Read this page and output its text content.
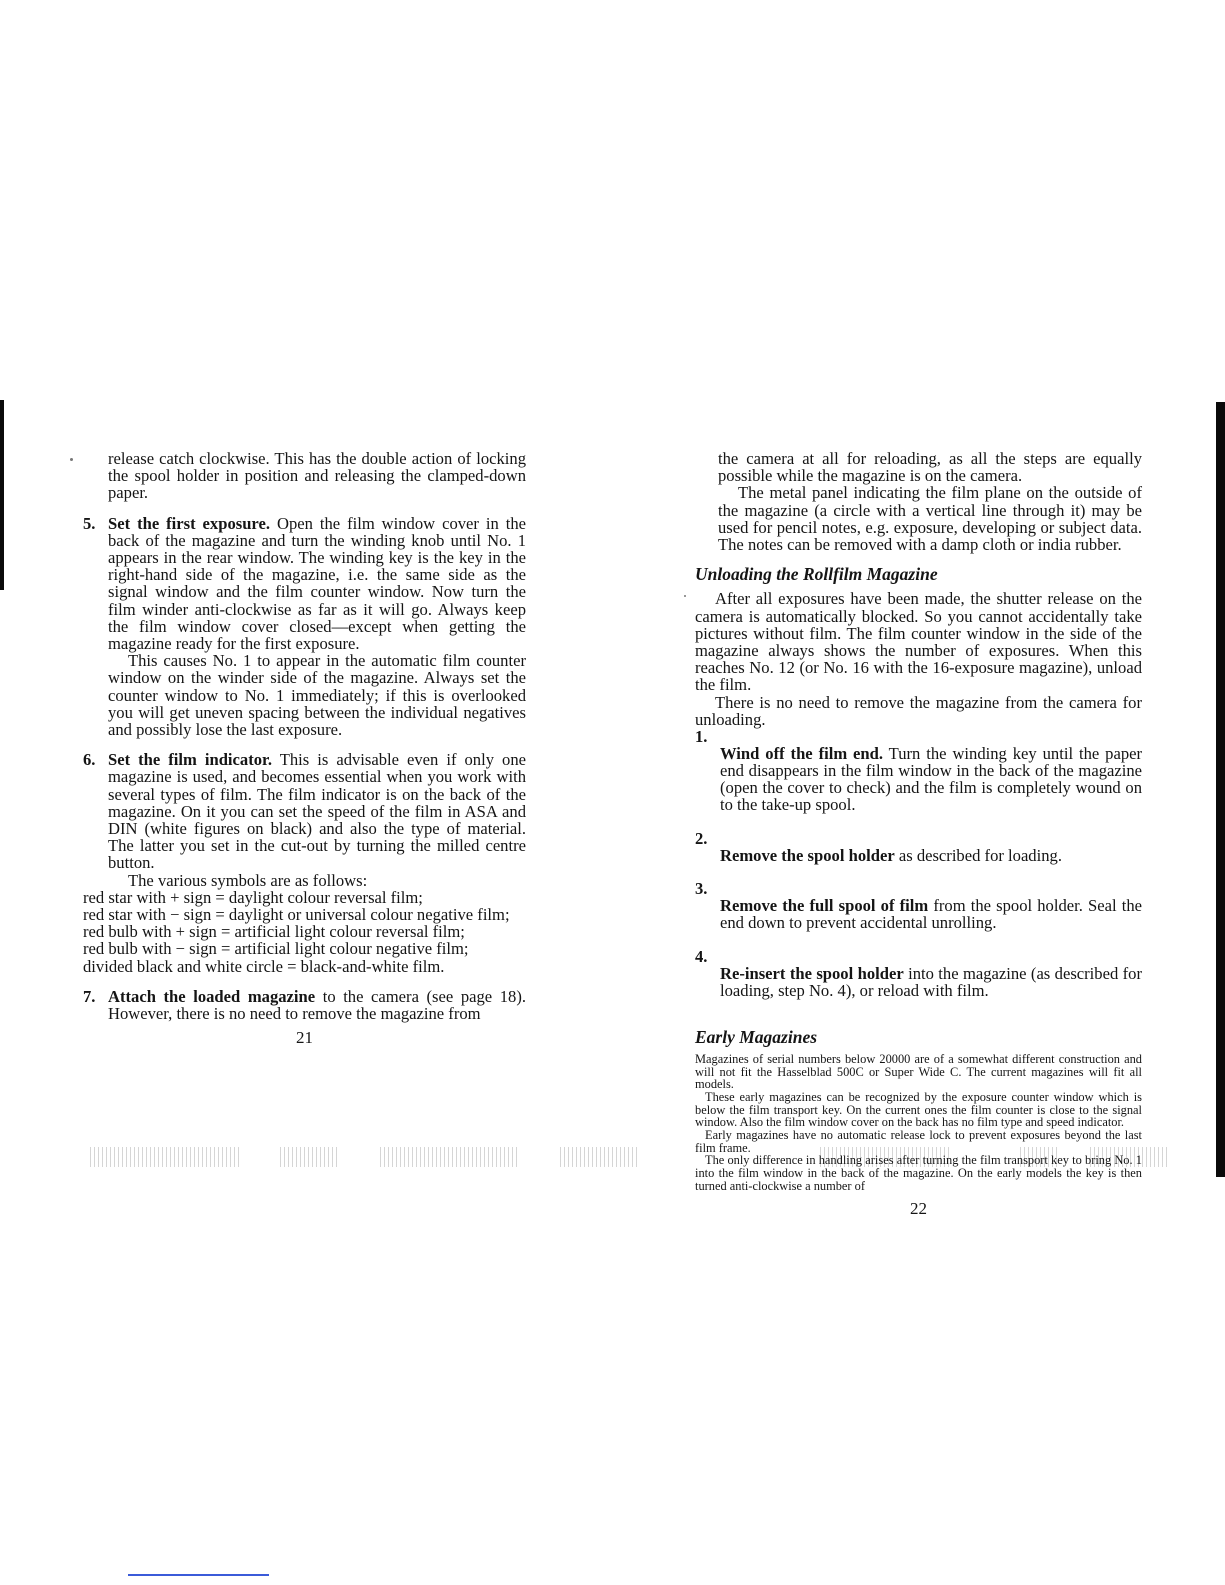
release catch clockwise. This has the double action of locking the spool holder in position and releasing the clamped-down paper.

5. Set the first exposure. Open the film window cover in the back of the magazine and turn the winding knob until No. 1 appears in the rear window. The winding key is the key in the right-hand side of the magazine, i.e. the same side as the signal window and the film counter window. Now turn the film winder anti-clockwise as far as it will go. Always keep the film window cover closed—except when getting the magazine ready for the first exposure.

This causes No. 1 to appear in the automatic film counter window on the winder side of the magazine. Always set the counter window to No. 1 immediately; if this is overlooked you will get uneven spacing between the individual negatives and possibly lose the last exposure.

6. Set the film indicator. This is advisable even if only one magazine is used, and becomes essential when you work with several types of film. The film indicator is on the back of the magazine. On it you can set the speed of the film in ASA and DIN (white figures on black) and also the type of material. The latter you set in the cut-out by turning the milled centre button.

The various symbols are as follows:

red star with + sign = daylight colour reversal film;

red star with − sign = daylight or universal colour negative film;

red bulb with + sign = artificial light colour reversal film;

red bulb with − sign = artificial light colour negative film;

divided black and white circle = black-and-white film.

7. Attach the loaded magazine to the camera (see page 18). However, there is no need to remove the magazine from

21

the camera at all for reloading, as all the steps are equally possible while the magazine is on the camera.

The metal panel indicating the film plane on the outside of the magazine (a circle with a vertical line through it) may be used for pencil notes, e.g. exposure, developing or subject data. The notes can be removed with a damp cloth or india rubber.

Unloading the Rollfilm Magazine

After all exposures have been made, the shutter release on the camera is automatically blocked. So you cannot accidentally take pictures without film. The film counter window in the side of the magazine always shows the number of exposures. When this reaches No. 12 (or No. 16 with the 16-exposure magazine), unload the film.

There is no need to remove the magazine from the camera for unloading.

1.

Wind off the film end. Turn the winding key until the paper end disappears in the film window in the back of the magazine (open the cover to check) and the film is completely wound on to the take-up spool.

2.

Remove the spool holder as described for loading.

3.

Remove the full spool of film from the spool holder. Seal the end down to prevent accidental unrolling.

4.

Re-insert the spool holder into the magazine (as described for loading, step No. 4), or reload with film.

Early Magazines

Magazines of serial numbers below 20000 are of a somewhat different construction and will not fit the Hasselblad 500C or Super Wide C. The current magazines will fit all models.

These early magazines can be recognized by the exposure counter window which is below the film transport key. On the current ones the film counter is close to the signal window. Also the film window cover on the back has no film type and speed indicator.

Early magazines have no automatic release lock to prevent exposures beyond the last film frame.

The only difference in handling arises after turning the film transport key to bring No. 1 into the film window in the back of the magazine. On the early models the key is then turned anti-clockwise a number of

22
